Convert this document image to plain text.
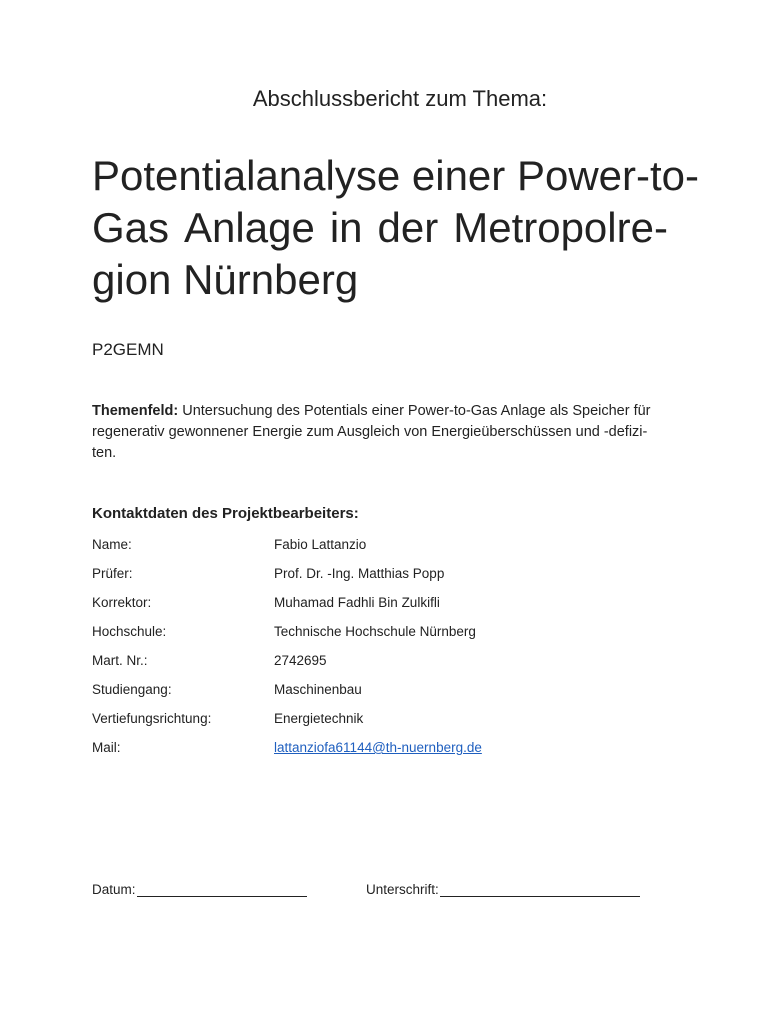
Abschlussbericht zum Thema:
Potentialanalyse einer Power-to-
Gas Anlage in der Metropolre-
gion Nürnberg
P2GEMN
Themenfeld: Untersuchung des Potentials einer Power-to-Gas Anlage als Speicher für regenerativ gewonnener Energie zum Ausgleich von Energieüberschüssen und -defizi-ten.
Kontaktdaten des Projektbearbeiters:
Name:	Fabio Lattanzio
Prüfer:	Prof. Dr. -Ing. Matthias Popp
Korrektor:	Muhamad Fadhli Bin Zulkifli
Hochschule:	Technische Hochschule Nürnberg
Mart. Nr.:	2742695
Studiengang:	Maschinenbau
Vertiefungsrichtung:	Energietechnik
Mail:	lattanziofa61144@th-nuernberg.de
Datum:	Unterschrift:
